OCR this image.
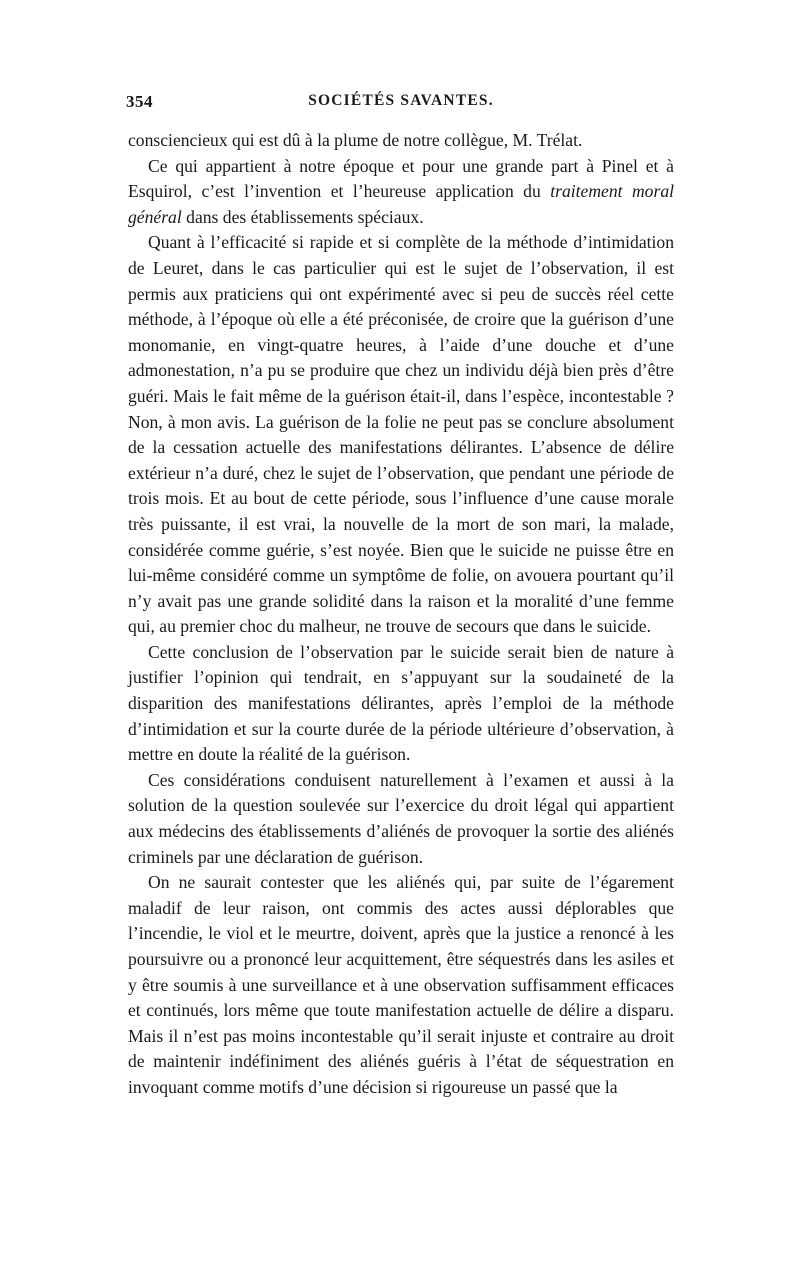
354	SOCIÉTÉS SAVANTES.

consciencieux qui est dû à la plume de notre collègue, M. Trélat.

Ce qui appartient à notre époque et pour une grande part à Pinel et à Esquirol, c’est l’invention et l’heureuse application du traitement moral général dans des établissements spéciaux.

Quant à l’efficacité si rapide et si complète de la méthode d’intimidation de Leuret, dans le cas particulier qui est le sujet de l’observation, il est permis aux praticiens qui ont expérimenté avec si peu de succès réel cette méthode, à l’époque où elle a été préconisée, de croire que la guérison d’une monomanie, en vingt-quatre heures, à l’aide d’une douche et d’une admonestation, n’a pu se produire que chez un individu déjà bien près d’être guéri. Mais le fait même de la guérison était-il, dans l’espèce, incontestable ? Non, à mon avis. La guérison de la folie ne peut pas se conclure absolument de la cessation actuelle des manifestations délirantes. L’absence de délire extérieur n’a duré, chez le sujet de l’observation, que pendant une période de trois mois. Et au bout de cette période, sous l’influence d’une cause morale très puissante, il est vrai, la nouvelle de la mort de son mari, la malade, considérée comme guérie, s’est noyée. Bien que le suicide ne puisse être en lui-même considéré comme un symptôme de folie, on avouera pourtant qu’il n’y avait pas une grande solidité dans la raison et la moralité d’une femme qui, au premier choc du malheur, ne trouve de secours que dans le suicide.

Cette conclusion de l’observation par le suicide serait bien de nature à justifier l’opinion qui tendrait, en s’appuyant sur la soudaineté de la disparition des manifestations délirantes, après l’emploi de la méthode d’intimidation et sur la courte durée de la période ultérieure d’observation, à mettre en doute la réalité de la guérison.

Ces considérations conduisent naturellement à l’examen et aussi à la solution de la question soulevée sur l’exercice du droit légal qui appartient aux médecins des établissements d’aliénés de provoquer la sortie des aliénés criminels par une déclaration de guérison.

On ne saurait contester que les aliénés qui, par suite de l’égarement maladif de leur raison, ont commis des actes aussi déplorables que l’incendie, le viol et le meurtre, doivent, après que la justice a renoncé à les poursuivre ou a prononcé leur acquittement, être séquestrés dans les asiles et y être soumis à une surveillance et à une observation suffisamment efficaces et continués, lors même que toute manifestation actuelle de délire a disparu. Mais il n’est pas moins incontestable qu’il serait injuste et contraire au droit de maintenir indéfiniment des aliénés guéris à l’état de séquestration en invoquant comme motifs d’une décision si rigoureuse un passé que la
